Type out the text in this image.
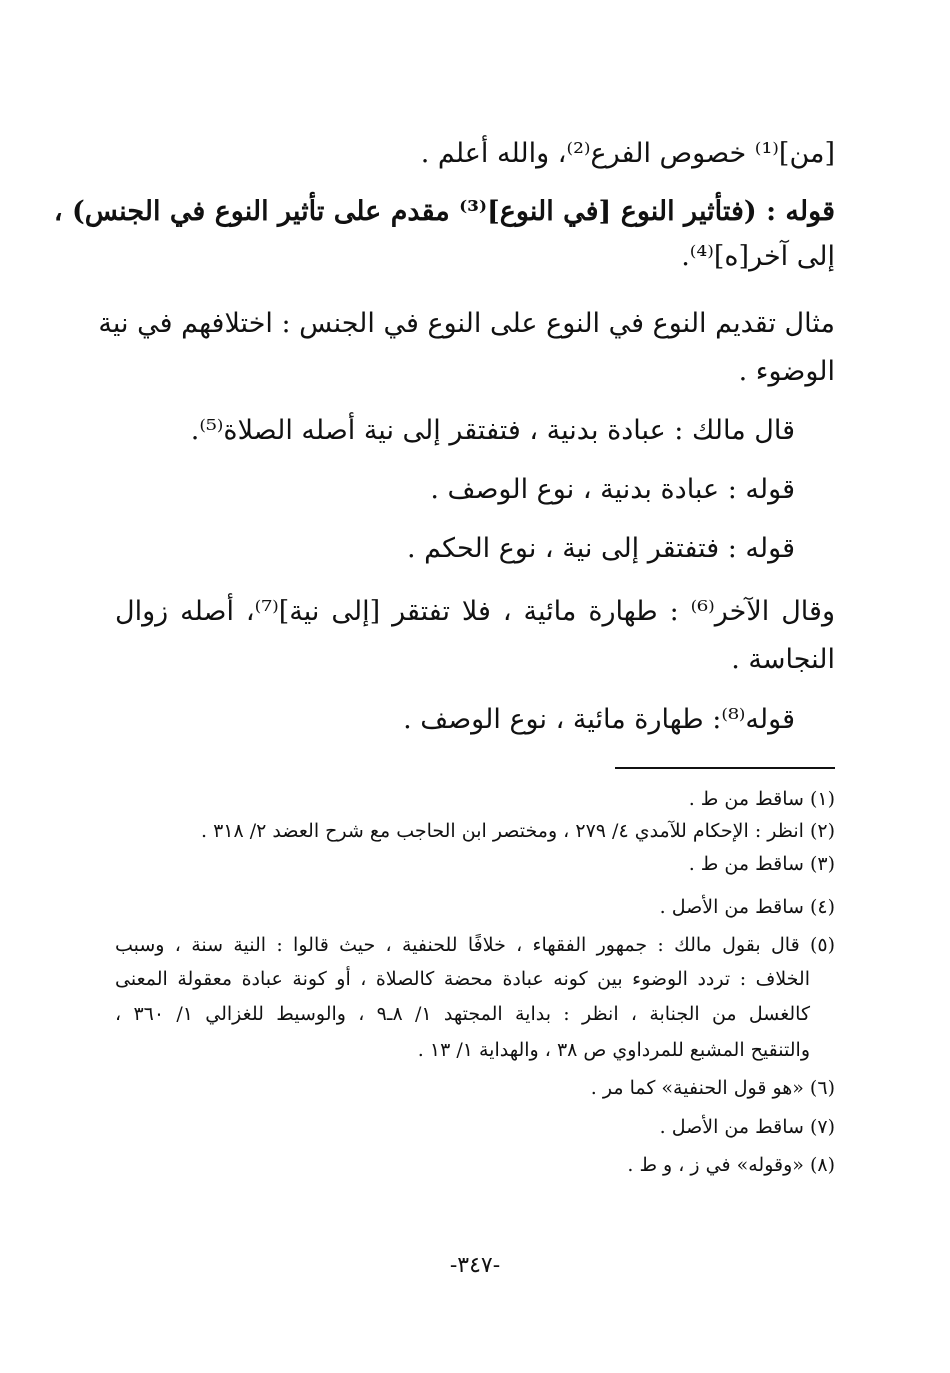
[من]⁽¹⁾ خصوص الفرع⁽²⁾، والله أعلم .
قوله : (فتأثير النوع [في النوع]⁽³⁾ مقدم على تأثير النوع في الجنس) ،
إلى آخر[ه]⁽⁴⁾.
مثال تقديم النوع في النوع على النوع في الجنس : اختلافهم في نية
الوضوء .
قال مالك : عبادة بدنية ، فتفتقر إلى نية أصله الصلاة⁽⁵⁾.
قوله : عبادة بدنية ، نوع الوصف .
قوله : فتفتقر إلى نية ، نوع الحكم .
وقال الآخر⁽⁶⁾ : طهارة مائية ، فلا تفتقر [إلى نية]⁽⁷⁾، أصله زوال
النجاسة .
قوله⁽⁸⁾: طهارة مائية ، نوع الوصف .
(١) ساقط من ط .
(٢) انظر : الإحكام للآمدي ٤/ ٢٧٩ ، ومختصر ابن الحاجب مع شرح العضد ٢/ ٣١٨ .
(٣) ساقط من ط .
(٤) ساقط من الأصل .
(٥) قال بقول مالك : جمهور الفقهاء ، خلافًا للحنفية ، حيث قالوا : النية سنة ، وسبب
الخلاف : تردد الوضوء بين كونه عبادة محضة كالصلاة ، أو كونة عبادة معقولة المعنى
كالغسل من الجنابة ، انظر : بداية المجتهد ١/ ٨ـ٩ ، والوسيط للغزالي ١/ ٣٦٠ ،
والتنقيح المشبع للمرداوي ص ٣٨ ، والهداية ١/ ١٣ .
(٦) «هو قول الحنفية» كما مر .
(٧) ساقط من الأصل .
(٨) «وقوله» في ز ، و ط .
-٣٤٧-
